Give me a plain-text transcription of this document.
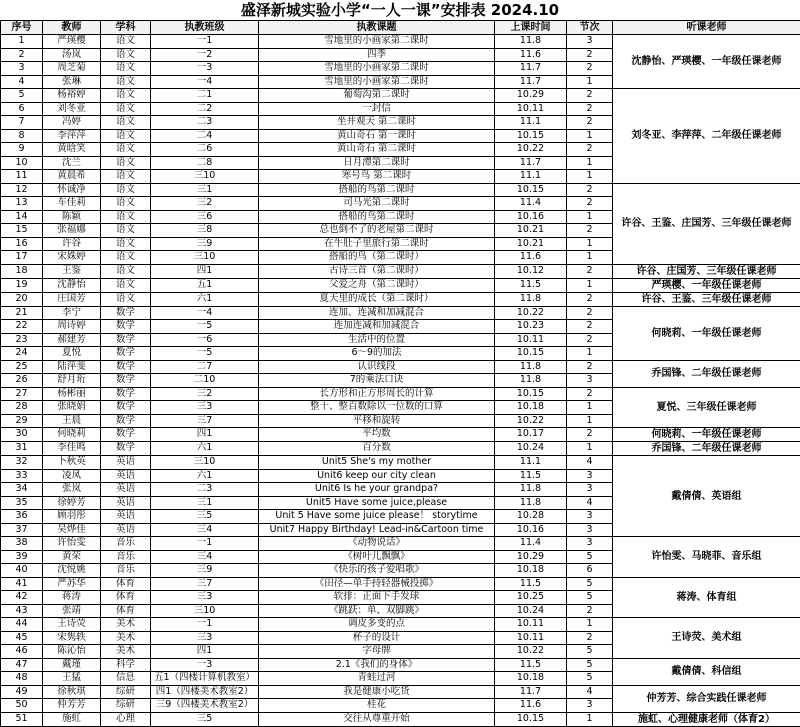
盛泽新城实验小学“一人一课”安排表 2024.10
序号	教师	学科	执教班级	执教课题	上课时间	节次	听课老师
1	严瑛樱	语文	一1	雪地里的小画家第二课时	11.8	3	沈静怡、严瑛樱、一年级任课老师
2	汤岚	语文	一2	四季	11.6	2	
3	周芝菊	语文	一3	雪地里的小画家第二课时	11.7	2	
4	张琳	语文	一4	雪地里的小画家第二课时	11.7	1	
5	杨裕婷	语文	二1	葡萄沟第二课时	10.29	2	刘冬亚、李萍萍、二年级任课老师
6	刘冬亚	语文	二2	一封信	10.11	2	
7	冯婷	语文	二3	坐井观天 第二课时	11.1	2	
8	李萍萍	语文	二4	黄山奇石 第一课时	10.15	1	
9	黄晗笑	语文	二6	黄山奇石 第二课时	10.22	2	
10	沈兰	语文	二8	日月潭第二课时	11.7	1	
11	黄晨希	语文	三10	寒号鸟 第二课时	11.1	1	
12	怀诚净	语文	三1	搭船的鸟第二课时	10.15	2	许谷、王鉴、庄国芳、三年级任课老师
13	车佳莉	语文	三2	司马光第二课时	11.4	2	
14	陈颖	语文	三6	搭船的鸟第二课时	10.16	1	
15	张福娜	语文	三8	总也倒不了的老屋第二课时	10.21	2	
16	许谷	语文	三9	在牛肚子里旅行第二课时	10.21	1	
17	宋姝婷	语文	三10	搭船的鸟（第二课时）	11.6	1	
18	王鉴	语文	四1	古诗三首（第二课时）	10.12	2	许谷、庄国芳、三年级任课老师
19	沈静怡	语文	五1	父爱之舟（第二课时）	11.5	1	严瑛樱、一年级任课老师
20	庄国芳	语文	六1	夏天里的成长（第二课时）	11.8	2	许谷、王鉴、三年级任课老师
21	李宁	数学	一4	连加、连减和加减混合	10.22	2	何晓莉、一年级任课老师
22	周诗婷	数学	一5	连加连减和加减混合	10.23	2	
23	郝建芳	数学	一6	生活中的位置	10.11	2	
24	夏悦	数学	一5	6～9的加法	10.15	1	
25	陆萍斐	数学	二7	认识线段	11.8	2	乔国锋、二年级任课老师
26	舒月珩	数学	二10	7的乘法口诀	11.8	3	
27	杨彬丽	数学	三2	长方形和正方形周长的计算	10.15	2	夏悦、三年级任课老师
28	张晓娟	数学	三3	整十、整百数除以一位数的口算	10.18	1	
29	王晨	数学	三7	平移和旋转	10.22	1	
30	何晓莉	数学	四1	平均数	10.17	2	何晓莉、一年级任课老师
31	李佳鸣	数学	六1	百分数	10.24	1	乔国锋、二年级任课老师
32	卜秋英	英语	三10	Unit5 She's my mother	11.1	4	戴倩倩、英语组
33	凌凤	英语	六1	Unit6 keep our city clean	11.5	3	
34	张岚	英语	二3	Unit6 Is he your grandpa?	11.8	3	
35	徐婷芳	英语	三1	Unit5 Have some juice,please	11.8	4	
36	顾羽彤	英语	三5	Unit 5 Have some juice please！ storytime	10.28	3	
37	吴烨佳	英语	三4	Unit7 Happy Birthday! Lead-in&Cartoon time	10.16	3	
38	许怡雯	音乐	一1	《动物说话》	11.4	3	许怡雯、马晓菲、音乐组
39	黄荣	音乐	三4	《树叶儿飘飘》	10.29	5	
40	沈悦姚	音乐	三9	《快乐的孩子爱唱歌》	10.18	6	
41	严苏华	体育	三7	《田径—单手持轻器械投掷》	11.5	5	蒋涛、体育组
42	蒋涛	体育	三3	软排：正面下手发球	10.25	5	
43	张靖	体育	三10	《跳跃：单、双脚跳》	10.24	2	
44	王诗荧	美术	一1	调皮多变的点	10.11	1	王诗荧、美术组
45	宋隽轶	美术	三3	杯子的设计	10.11	2	
46	陈沁怡	美术	四1	字母牌	10.22	5	
47	戴瑾	科学	一3	2.1《我们的身体》	11.5	5	戴倩倩、科信组
48	王猛	信息	五1（四楼计算机教室）	青蛙过河	10.18	5	
49	徐秋琪	综研	四1（四楼美术教室2）	我是健康小吃货	11.7	4	仲芳芳、综合实践任课老师
50	仲芳芳	综研	三9（四楼美术教室2）	桂花	11.6	3	
51	施虹	心理	三5	交往从尊重开始	10.15	1	施虹、心理健康老师（体育2）
